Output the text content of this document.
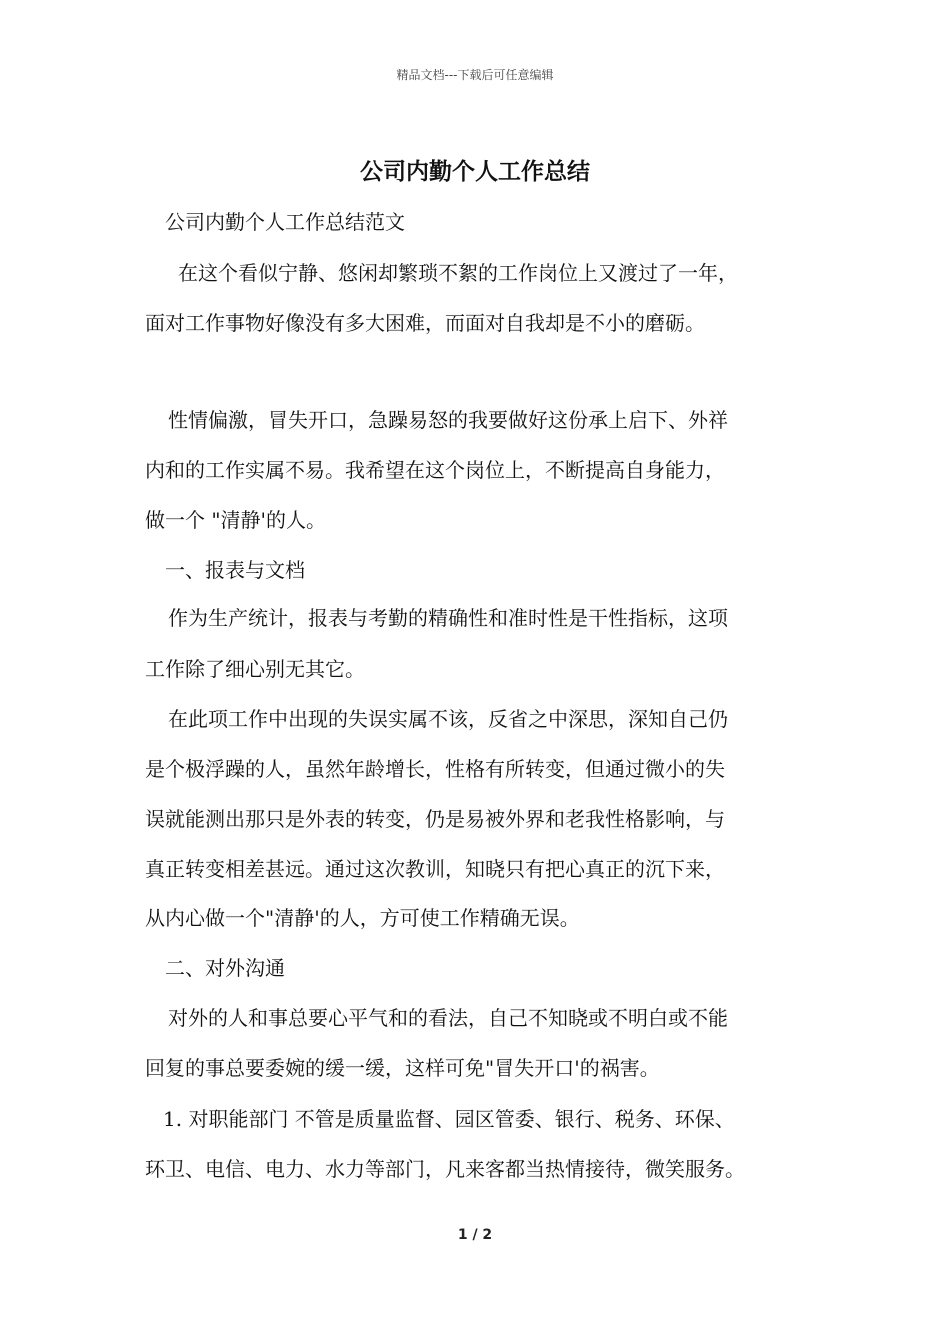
精品文档---下载后可任意编辑
公司内勤个人工作总结
公司内勤个人工作总结范文
在这个看似宁静、悠闲却繁琐不絮的工作岗位上又渡过了一年，
面对工作事物好像没有多大困难，而面对自我却是不小的磨砺。
性情偏激，冒失开口，急躁易怒的我要做好这份承上启下、外祥
内和的工作实属不易。我希望在这个岗位上，不断提高自身能力，
做一个 "清静'的人。
一、报表与文档
作为生产统计，报表与考勤的精确性和准时性是干性指标，这项
工作除了细心别无其它。
在此项工作中出现的失误实属不该，反省之中深思，深知自己仍
是个极浮躁的人，虽然年龄增长，性格有所转变，但通过微小的失
误就能测出那只是外表的转变，仍是易被外界和老我性格影响，与
真正转变相差甚远。通过这次教训，知晓只有把心真正的沉下来，
从内心做一个"清静'的人，方可使工作精确无误。
二、对外沟通
对外的人和事总要心平气和的看法，自己不知晓或不明白或不能
回复的事总要委婉的缓一缓，这样可免"冒失开口'的祸害。
1. 对职能部门 不管是质量监督、园区管委、银行、税务、环保、
环卫、电信、电力、水力等部门，凡来客都当热情接待，微笑服务。
1 / 2
